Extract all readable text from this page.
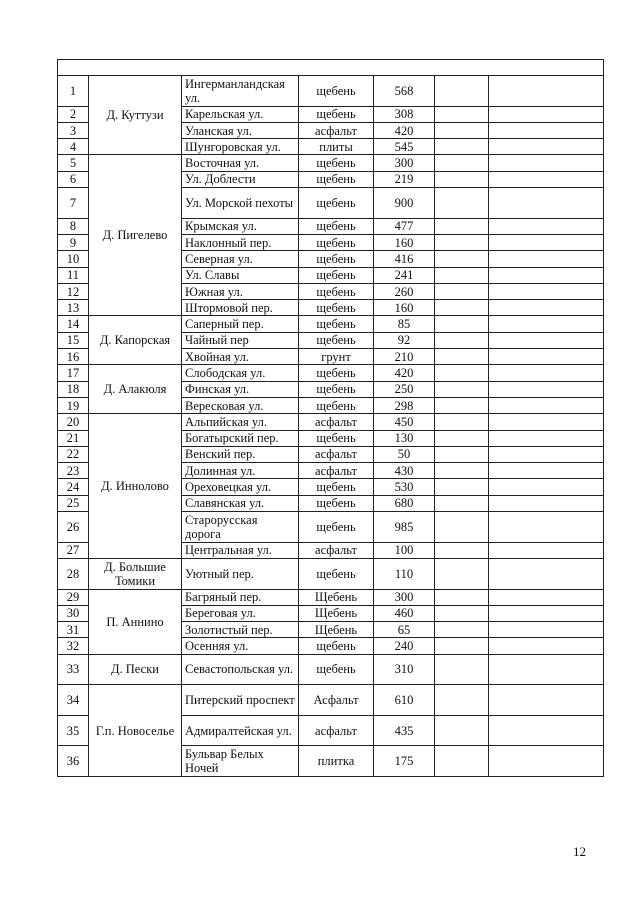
1	Д. Куттузи	Ингерманландская ул.	щебень	568		
2		Карельская ул.	щебень	308		
3		Уланская ул.	асфальт	420		
4		Шунгоровская ул.	плиты	545		
5	Д. Пигелево	Восточная ул.	щебень	300		
6		Ул. Доблести	щебень	219		
7		Ул. Морской пехоты	щебень	900		
8		Крымская ул.	щебень	477		
9		Наклонный пер.	щебень	160		
10		Северная ул.	щебень	416		
11		Ул. Славы	щебень	241		
12		Южная ул.	щебень	260		
13		Штормовой пер.	щебень	160		
14	Д. Капорская	Саперный пер.	щебень	85		
15		Чайный пер	щебень	92		
16		Хвойная ул.	грунт	210		
17	Д. Алакюля	Слободская ул.	щебень	420		
18		Финская ул.	щебень	250		
19		Вересковая ул.	щебень	298		
20	Д. Иннолово	Альпийская ул.	асфальт	450		
21		Богатырский пер.	щебень	130		
22		Венский пер.	асфальт	50		
23		Долинная ул.	асфальт	430		
24		Ореховецкая ул.	щебень	530		
25		Славянская ул.	щебень	680		
26		Старорусская дорога	щебень	985		
27		Центральная ул.	асфальт	100		
28	Д. Большие Томики	Уютный пер.	щебень	110		
29	П. Аннино	Багряный пер.	Щебень	300		
30		Береговая ул.	Щебень	460		
31		Золотистый пер.	Щебень	65		
32		Осенняя ул.	щебень	240		
33	Д. Пески	Севастопольская ул.	щебень	310		
34	Г.п. Новоселье	Питерский проспект	Асфальт	610		
35		Адмиралтейская ул.	асфальт	435		
36		Бульвар Белых Ночей	плитка	175		
12
